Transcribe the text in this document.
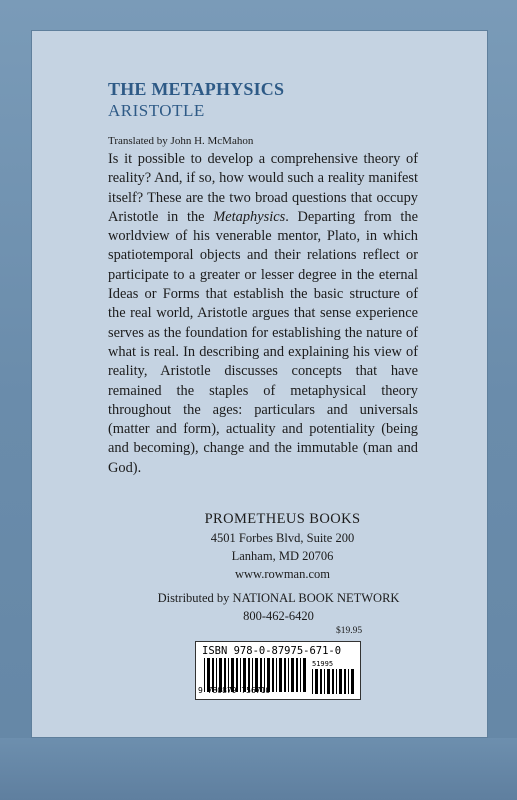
THE METAPHYSICS
ARISTOTLE
Translated by John H. McMahon

Is it possible to develop a comprehensive theory of reality? And, if so, how would such a reality manifest itself? These are the two broad questions that occupy Aristotle in the Metaphysics. Departing from the worldview of his venerable mentor, Plato, in which spatiotemporal objects and their relations reflect or participate to a greater or lesser degree in the eternal Ideas or Forms that establish the basic structure of the real world, Aristotle argues that sense experience serves as the foundation for establishing the nature of what is real. In describing and explaining his view of reality, Aristotle discusses concepts that have remained the staples of metaphysical theory throughout the ages: particulars and universals (matter and form), actuality and potentiality (being and becoming), change and the immutable (man and God).

PROMETHEUS BOOKS
4501 Forbes Blvd, Suite 200
Lanham, MD 20706
www.rowman.com
Distributed by NATIONAL BOOK NETWORK
800-462-6420
$19.95
ISBN 978-0-87975-671-0
51995
9 780879 756710
